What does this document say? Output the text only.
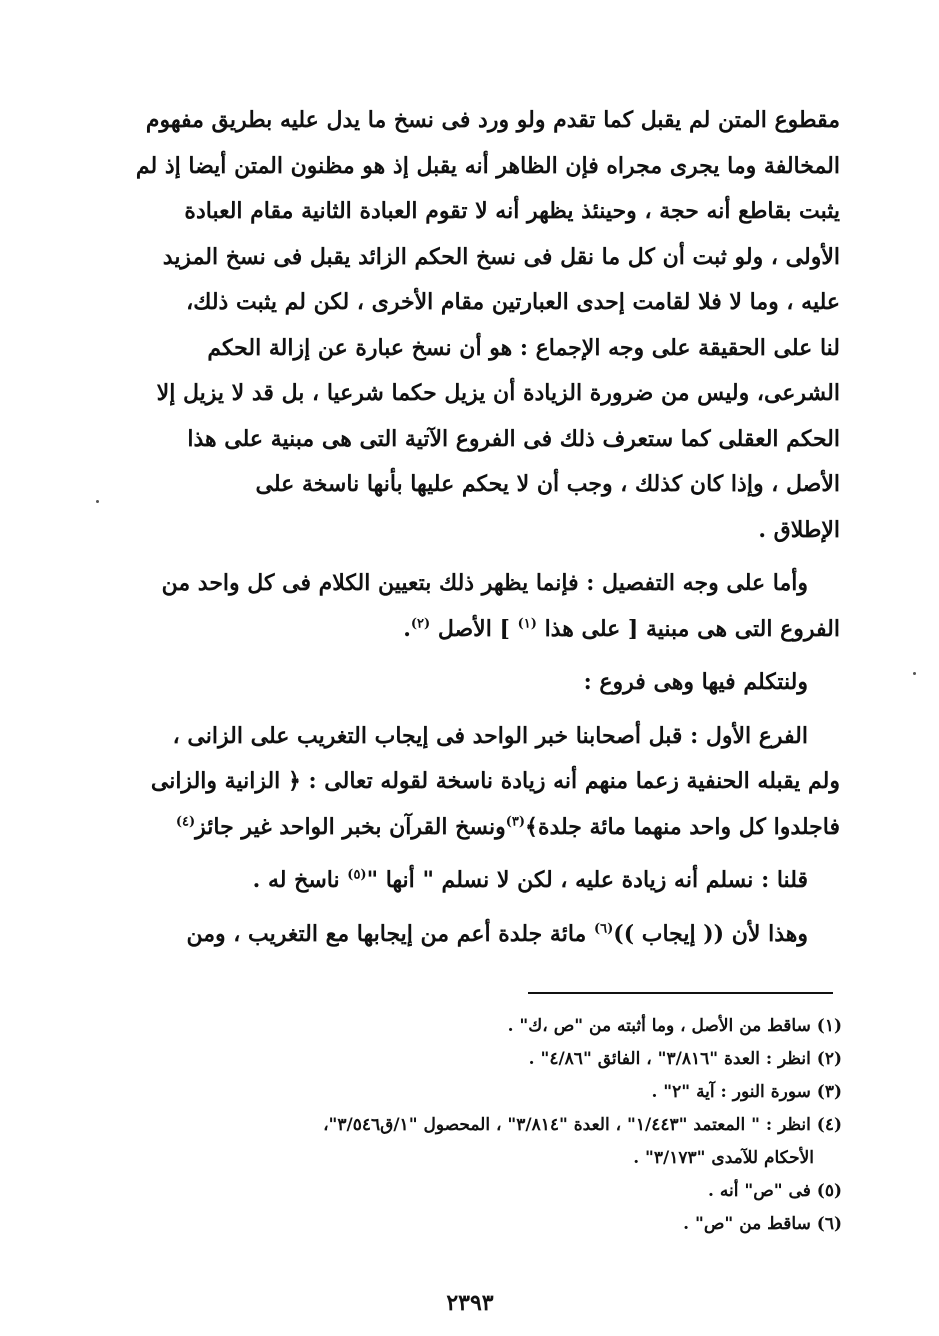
مقطوع المتن لم يقبل كما تقدم ولو ورد فى نسخ ما يدل عليه بطريق مفهوم
المخالفة وما يجرى مجراه فإن الظاهر أنه يقبل إذ هو مظنون المتن أيضا إذ لم
يثبت بقاطع أنه حجة ، وحينئذ يظهر أنه لا تقوم العبادة الثانية مقام العبادة
الأولى ، ولو ثبت أن كل ما نقل فى نسخ الحكم الزائد يقبل فى نسخ المزيد
عليه ، وما لا فلا لقامت إحدى العبارتين مقام الأخرى ، لكن لم يثبت ذلك،
لنا على الحقيقة على وجه الإجماع : هو أن نسخ عبارة عن إزالة الحكم
الشرعى، وليس من ضرورة الزيادة أن يزيل حكما شرعيا ، بل قد لا يزيل إلا
الحكم العقلى كما ستعرف ذلك فى الفروع الآتية التى هى مبنية على هذا
الأصل ، وإذا كان كذلك ، وجب أن لا يحكم عليها بأنها ناسخة على
الإطلاق .

وأما على وجه التفصيل : فإنما يظهر ذلك بتعيين الكلام فى كل واحد من
الفروع التى هى مبنية [ على هذا $^{(١)}$ ] الأصل $^{(٢)}$.

ولنتكلم فيها وهى فروع :

الفرع الأول : قبل أصحابنا خبر الواحد فى إيجاب التغريب على الزانى ،
ولم يقبله الحنفية زعما منهم أنه زيادة ناسخة لقوله تعالى : ﴿ الزانية والزانى
فاجلدوا كل واحد منهما مائة جلدة﴾$^{(٣)}$ونسخ القرآن بخبر الواحد غير جائز$^{(٤)}$

قلنا : نسلم أنه زيادة عليه ، لكن لا نسلم " أنها "$^{(٥)}$ ناسخ له .

وهذا لأن (( إيجاب ))$^{(٦)}$ مائة جلدة أعم من إيجابها مع التغريب ، ومن

(١) ساقط من الأصل ، وما أثبته من "ص ،ك" .

(٢) انظر : العدة "٣/٨١٦" ، الفائق "٤/٨٦" .

(٣) سورة النور : آية "٢" .

(٤) انظر : " المعتمد "١/٤٤٣" ، العدة "٣/٨١٤" ، المحصول "١/ق٣/٥٤٦"،

الأحكام للآمدى "٣/١٧٣" .

(٥) فى "ص" أنه .

(٦) ساقط من "ص" .

٢٣٩٣
